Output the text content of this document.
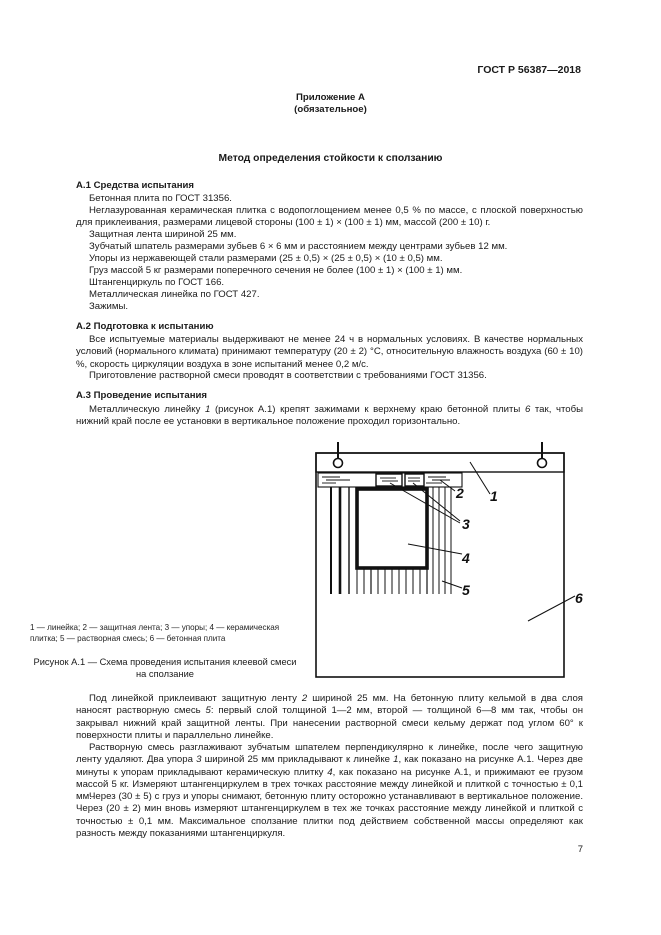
ГОСТ Р 56387—2018
Приложение А
(обязательное)
Метод определения стойкости к сползанию
А.1 Средства испытания
Бетонная плита по ГОСТ 31356.
Неглазурованная керамическая плитка с водопоглощением менее 0,5 % по массе, с плоской поверхностью для приклеивания, размерами лицевой стороны (100 ± 1) × (100 ± 1) мм, массой (200 ± 10) г.
Защитная лента шириной 25 мм.
Зубчатый шпатель размерами зубьев 6 × 6 мм и расстоянием между центрами зубьев 12 мм.
Упоры из нержавеющей стали размерами (25 ± 0,5) × (25 ± 0,5) × (10 ± 0,5) мм.
Груз массой 5 кг размерами поперечного сечения не более (100 ± 1) × (100 ± 1) мм.
Штангенциркуль по ГОСТ 166.
Металлическая линейка по ГОСТ 427.
Зажимы.
А.2 Подготовка к испытанию
Все испытуемые материалы выдерживают не менее 24 ч в нормальных условиях. В качестве нормальных условий (нормального климата) принимают температуру (20 ± 2) °С, относительную влажность воздуха (60 ± 10) %, скорость циркуляции воздуха в зоне испытаний менее 0,2 м/с.
Приготовление растворной смеси проводят в соответствии с требованиями ГОСТ 31356.
А.3 Проведение испытания
Металлическую линейку 1 (рисунок А.1) крепят зажимами к верхнему краю бетонной плиты 6 так, чтобы нижний край после ее установки в вертикальное положение проходил горизонтально.
1
2
3
4
5	6
1 — линейка; 2 — защитная лента; 3 — упоры; 4 — керамическая плитка; 5 — растворная смесь; 6 — бетонная плита
Рисунок А.1 — Схема проведения испытания клеевой смеси на сползание
Под линейкой приклеивают защитную ленту 2 шириной 25 мм. На бетонную плиту кельмой в два слоя наносят растворную смесь 5: первый слой толщиной 1—2 мм, второй — толщиной 6—8 мм так, чтобы он закрывал нижний край защитной ленты. При нанесении растворной смеси кельму держат под углом 60° к поверхности плиты и параллельно линейке.
Растворную смесь разглаживают зубчатым шпателем перпендикулярно к линейке, после чего защитную ленту удаляют. Два упора 3 шириной 25 мм прикладывают к линейке 1, как показано на рисунке А.1. Через две минуты к упорам прикладывают керамическую плитку 4, как показано на рисунке А.1, и прижимают ее грузом массой 5 кг. Измеряют штангенциркулем в трех точках расстояние между линейкой и плиткой с точностью ± 0,1 мм.
Через (30 ± 5) с груз и упоры снимают, бетонную плиту осторожно устанавливают в вертикальное положение. Через (20 ± 2) мин вновь измеряют штангенциркулем в тех же точках расстояние между линейкой и плиткой с точностью ± 0,1 мм. Максимальное сползание плитки под действием собственной массы определяют как разность между показаниями штангенциркуля.
7
